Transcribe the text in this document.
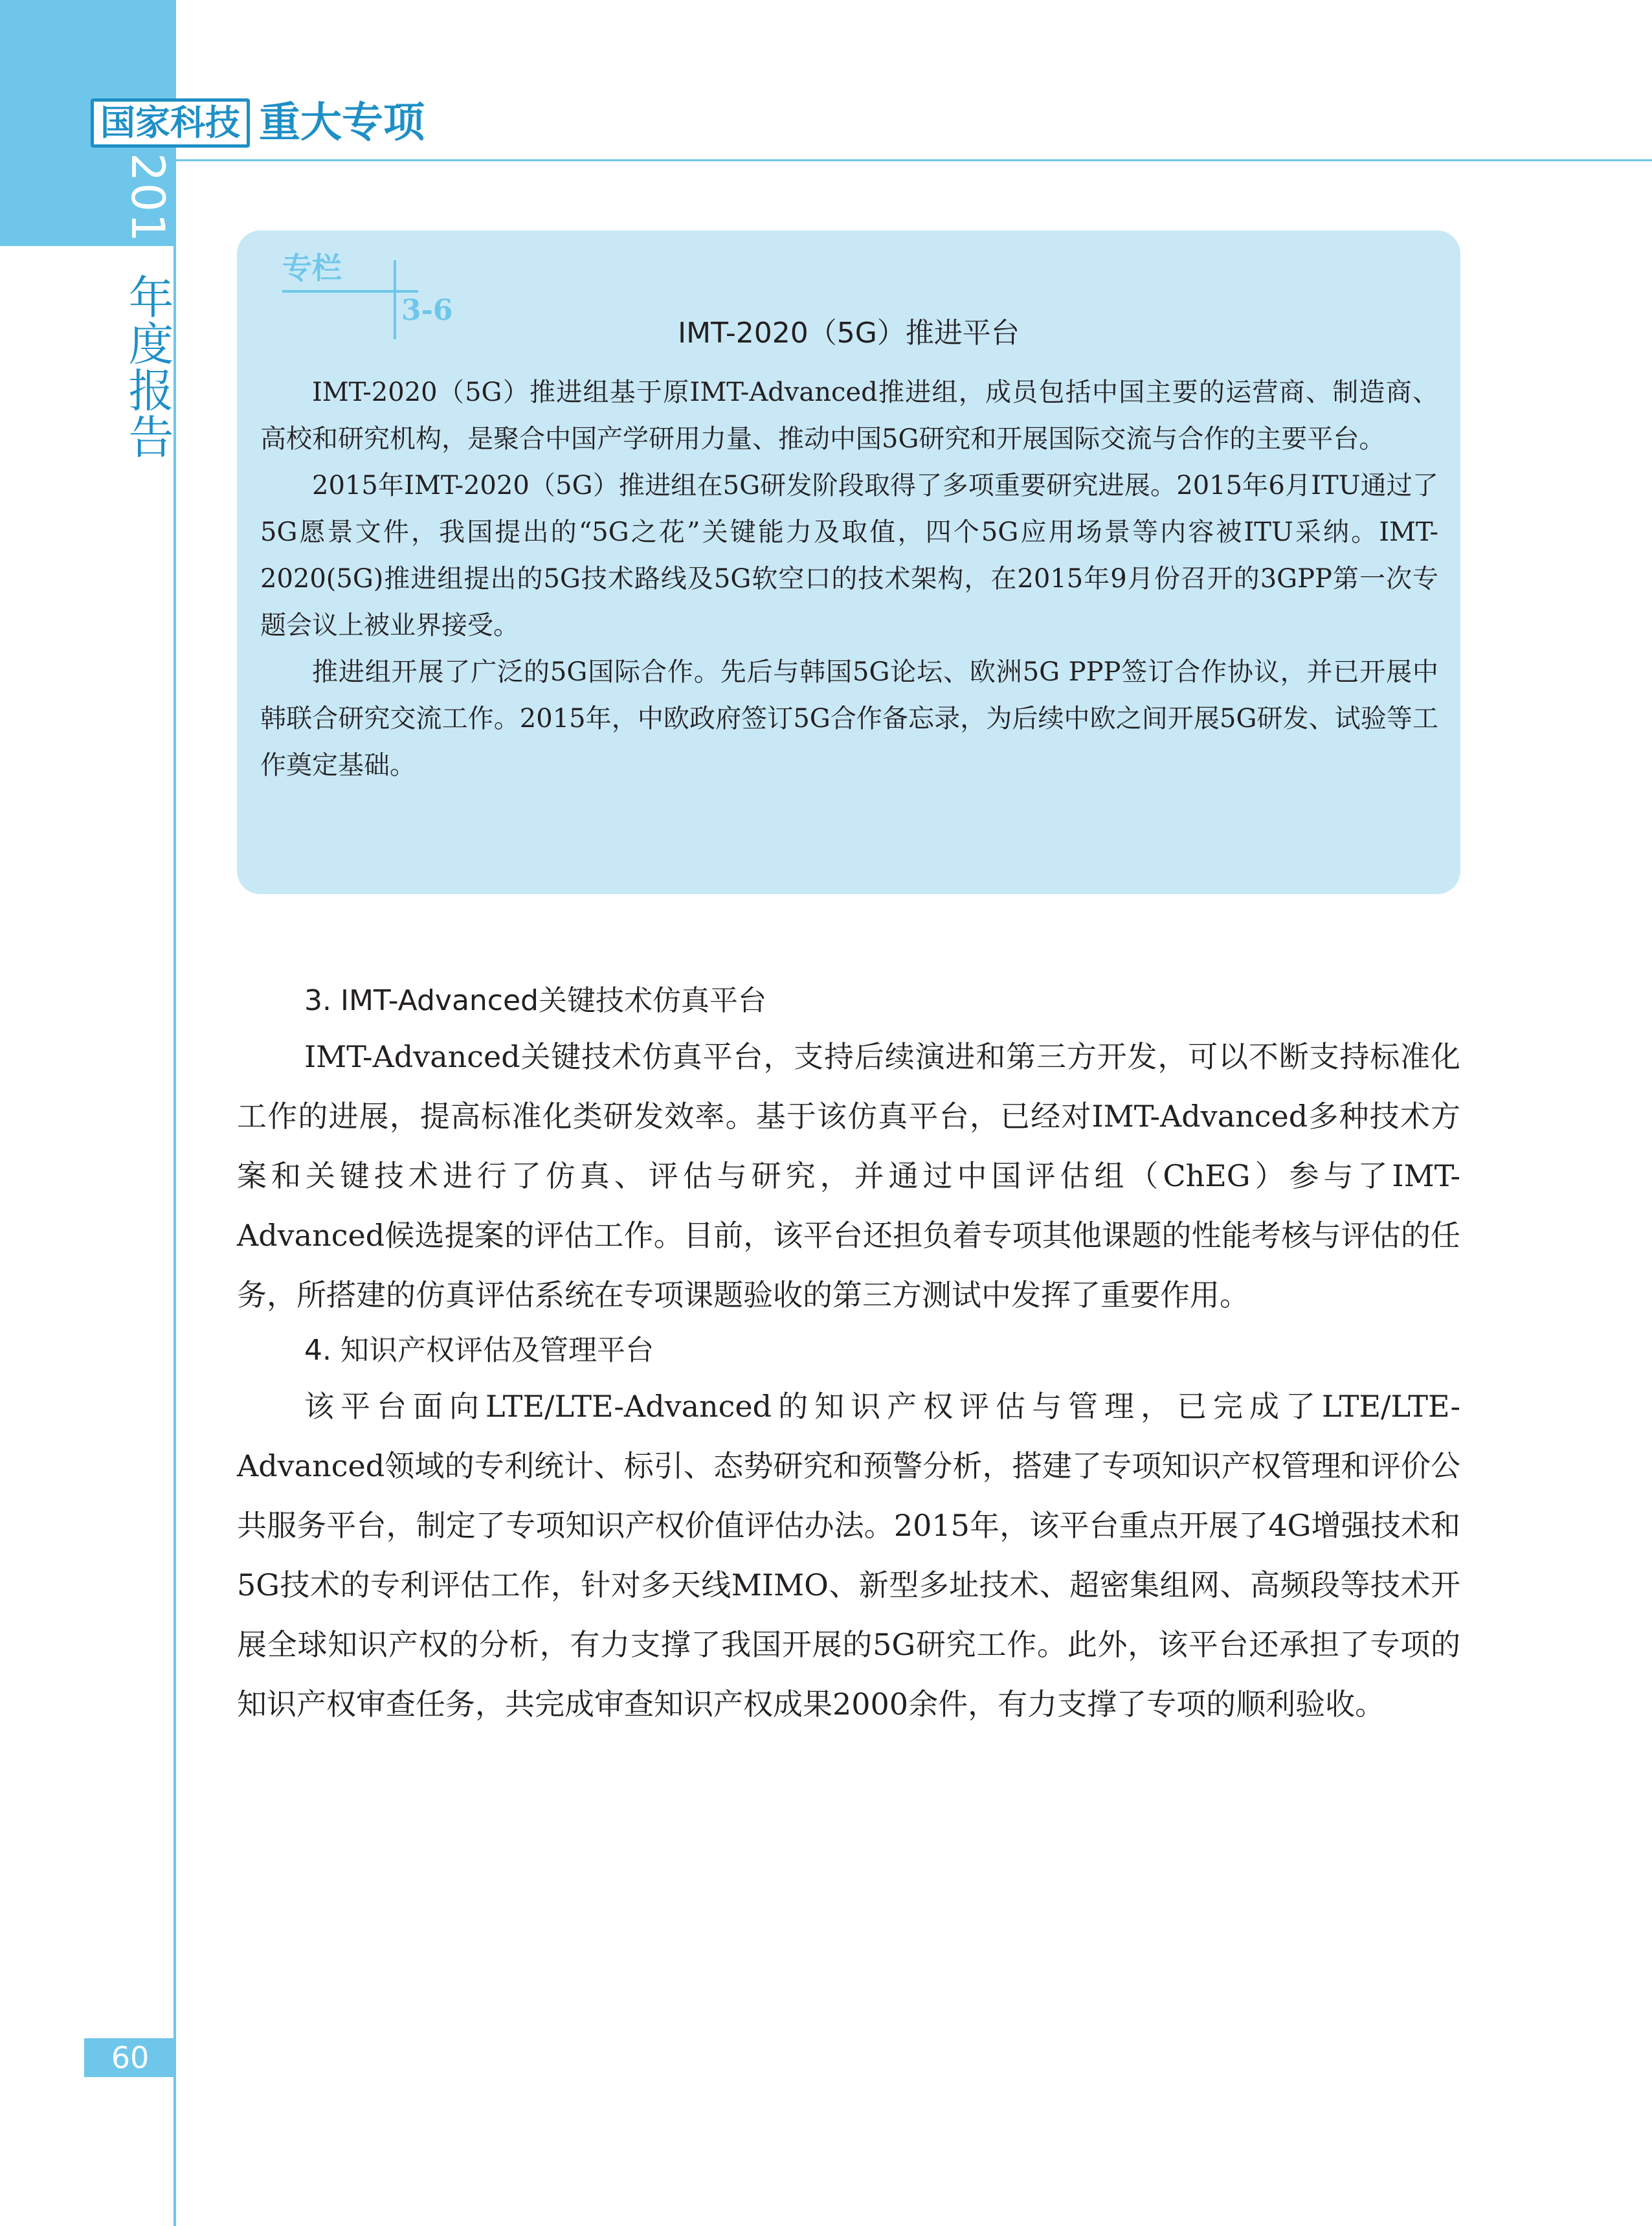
国家科技 重大专项
2015年度报告
专栏
3-6
IMT-2020（5G）推进平台

IMT-2020（5G）推进组基于原IMT-Advanced推进组，成员包括中国主要的运营商、制造商、高校和研究机构，是聚合中国产学研用力量、推动中国5G研究和开展国际交流与合作的主要平台。

2015年IMT-2020（5G）推进组在5G研发阶段取得了多项重要研究进展。2015年6月ITU通过了5G愿景文件，我国提出的“5G之花”关键能力及取值，四个5G应用场景等内容被ITU采纳。IMT-2020(5G)推进组提出的5G技术路线及5G软空口的技术架构，在2015年9月份召开的3GPP第一次专题会议上被业界接受。

推进组开展了广泛的5G国际合作。先后与韩国5G论坛、欧洲5G PPP签订合作协议，并已开展中韩联合研究交流工作。2015年，中欧政府签订5G合作备忘录，为后续中欧之间开展5G研发、试验等工作奠定基础。

3. IMT-Advanced关键技术仿真平台

IMT-Advanced关键技术仿真平台，支持后续演进和第三方开发，可以不断支持标准化工作的进展，提高标准化类研发效率。基于该仿真平台，已经对IMT-Advanced多种技术方案和关键技术进行了仿真、评估与研究，并通过中国评估组（ChEG）参与了IMT-Advanced候选提案的评估工作。目前，该平台还担负着专项其他课题的性能考核与评估的任务，所搭建的仿真评估系统在专项课题验收的第三方测试中发挥了重要作用。

4. 知识产权评估及管理平台

该平台面向LTE/LTE-Advanced的知识产权评估与管理，已完成了LTE/LTE-Advanced领域的专利统计、标引、态势研究和预警分析，搭建了专项知识产权管理和评价公共服务平台，制定了专项知识产权价值评估办法。2015年，该平台重点开展了4G增强技术和5G技术的专利评估工作，针对多天线MIMO、新型多址技术、超密集组网、高频段等技术开展全球知识产权的分析，有力支撑了我国开展的5G研究工作。此外，该平台还承担了专项的知识产权审查任务，共完成审查知识产权成果2000余件，有力支撑了专项的顺利验收。

60
